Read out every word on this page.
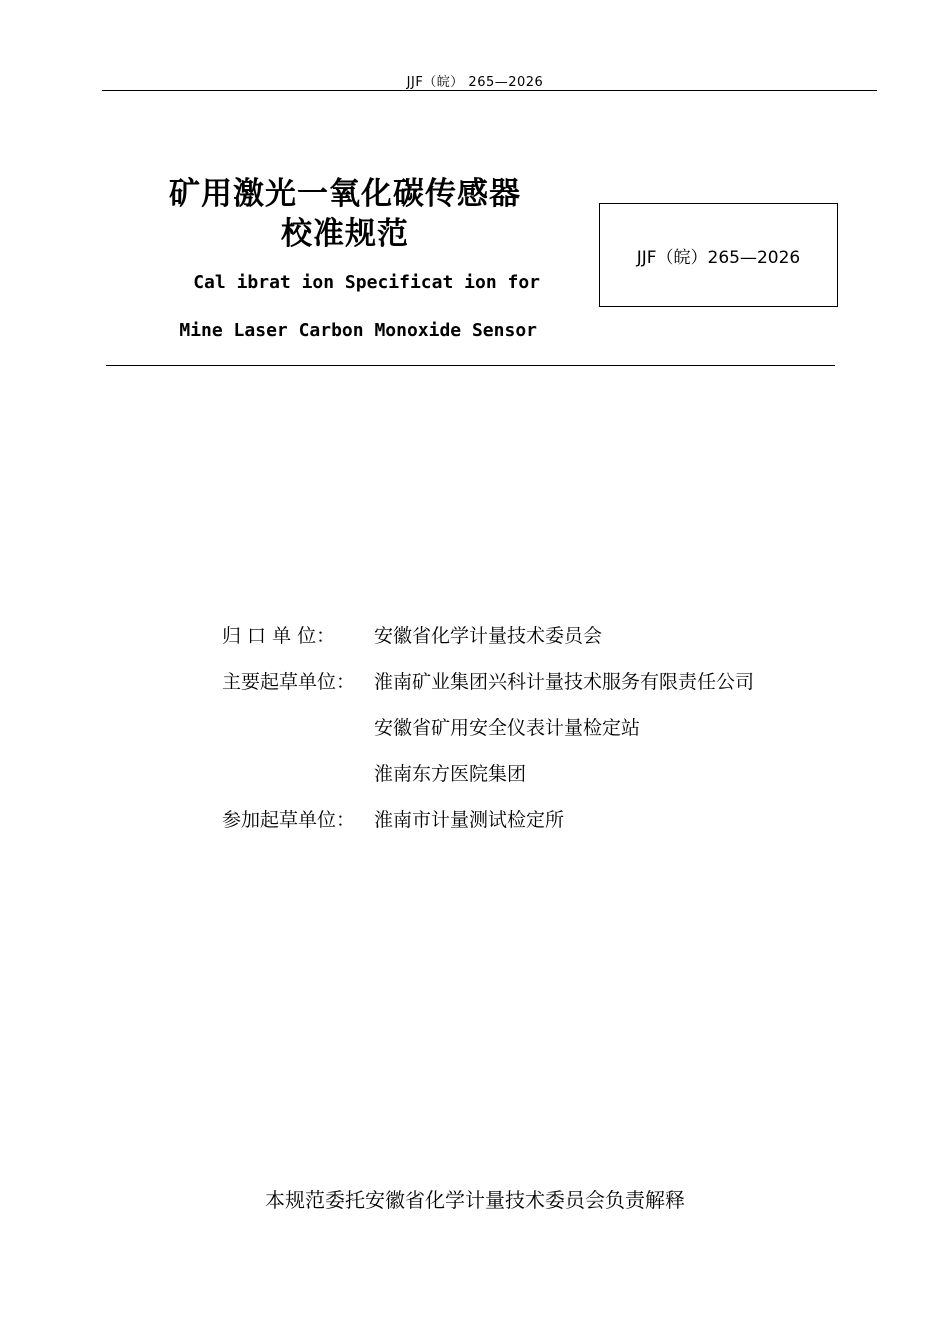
JJF（皖） 265—2026
矿用激光一氧化碳传感器
校准规范
Cal ibrat ion Specificat ion for
Mine Laser Carbon Monoxide Sensor
JJF（皖）265—2026
归 口 单 位： 安徽省化学计量技术委员会
主要起草单位： 淮南矿业集团兴科计量技术服务有限责任公司
安徽省矿用安全仪表计量检定站
淮南东方医院集团
参加起草单位： 淮南市计量测试检定所
本规范委托安徽省化学计量技术委员会负责解释
